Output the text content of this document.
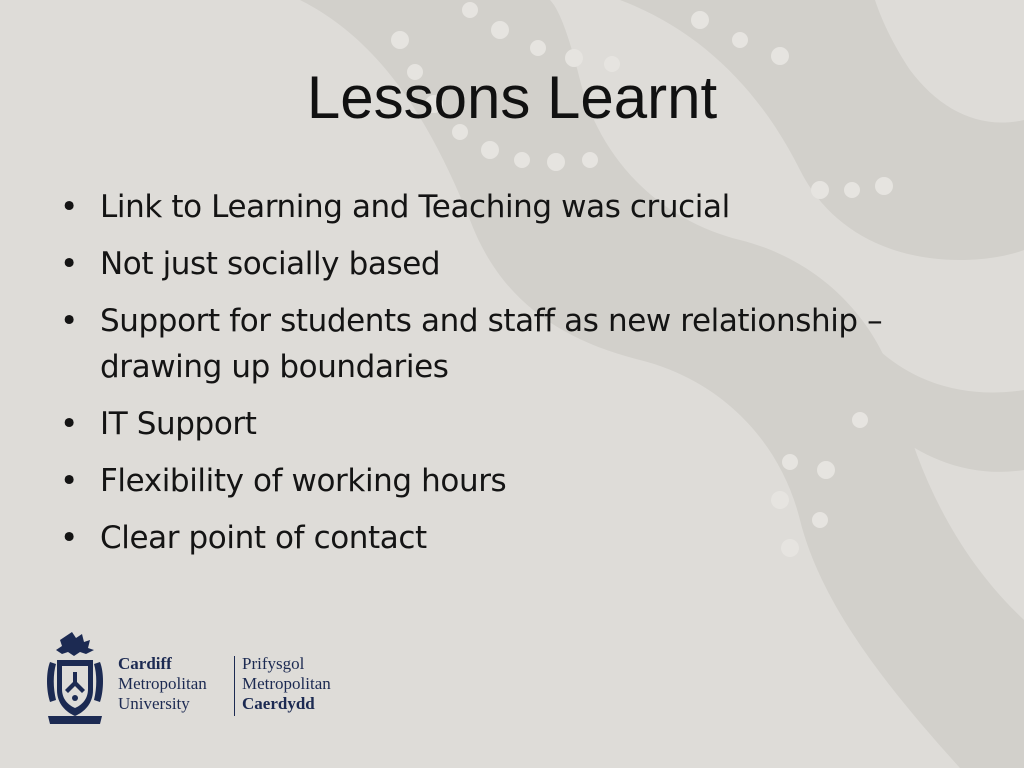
Lessons Learnt
• Link to Learning and Teaching was crucial
• Not just socially based
• Support for students and staff as new relationship – drawing up boundaries
• IT Support
• Flexibility of working hours
• Clear point of contact
Cardiff
Metropolitan
University
Prifysgol
Metropolitan
Caerdydd
